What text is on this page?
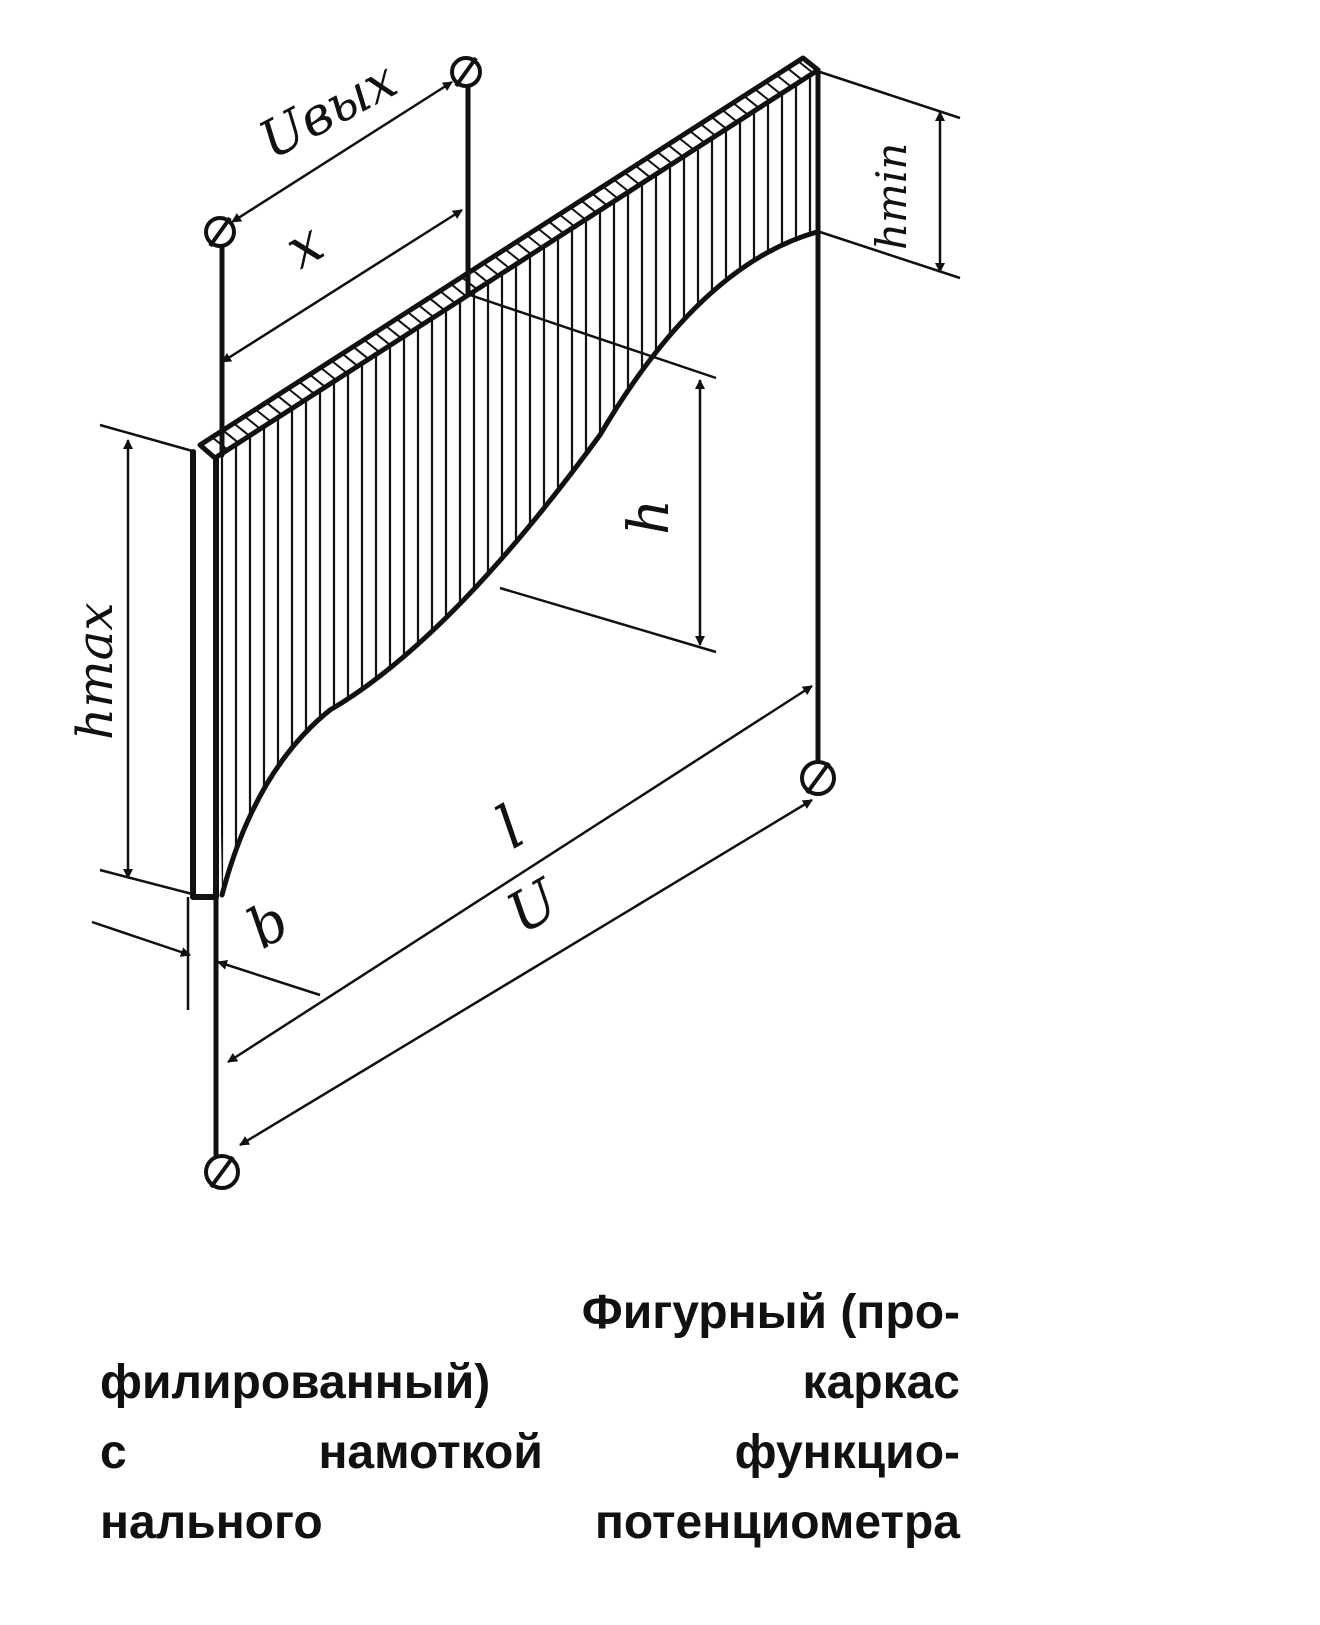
Uвых
x	hmin
hmax
h
l
b	U
Фигурный (про-
филированный) каркас
с намоткой функцио-
нального потенциометра
